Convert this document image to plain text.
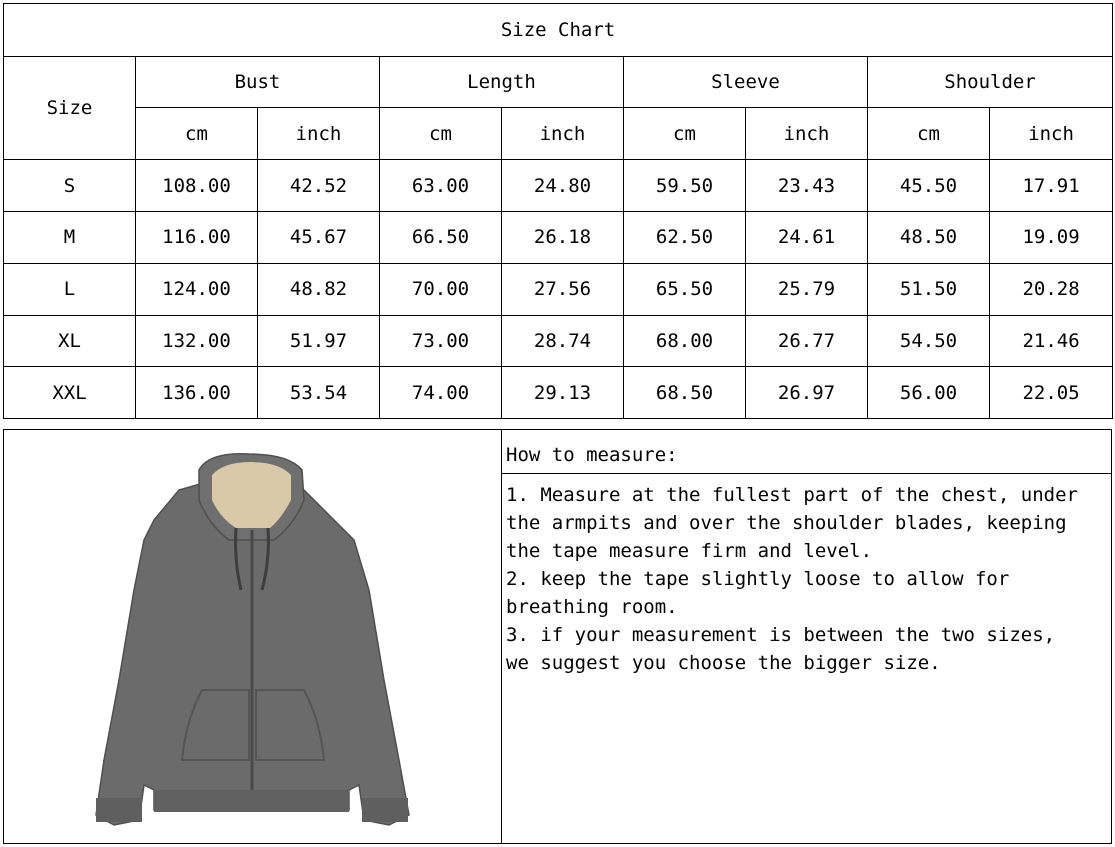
Size Chart								
Size	Bust		Length		Sleeve		Shoulder	
	cm	inch	cm	inch	cm	inch	cm	inch
S	108.00	42.52	63.00	24.80	59.50	23.43	45.50	17.91
M	116.00	45.67	66.50	26.18	62.50	24.61	48.50	19.09
L	124.00	48.82	70.00	27.56	65.50	25.79	51.50	20.28
XL	132.00	51.97	73.00	28.74	68.00	26.77	54.50	21.46
XXL	136.00	53.54	74.00	29.13	68.50	26.97	56.00	22.05
How to measure:

1. Measure at the fullest part of the chest, under

the armpits and over the shoulder blades, keeping

the tape measure firm and level.

2. keep the tape slightly loose to allow for

breathing room.

3. if your measurement is between the two sizes,

we suggest you choose the bigger size.
